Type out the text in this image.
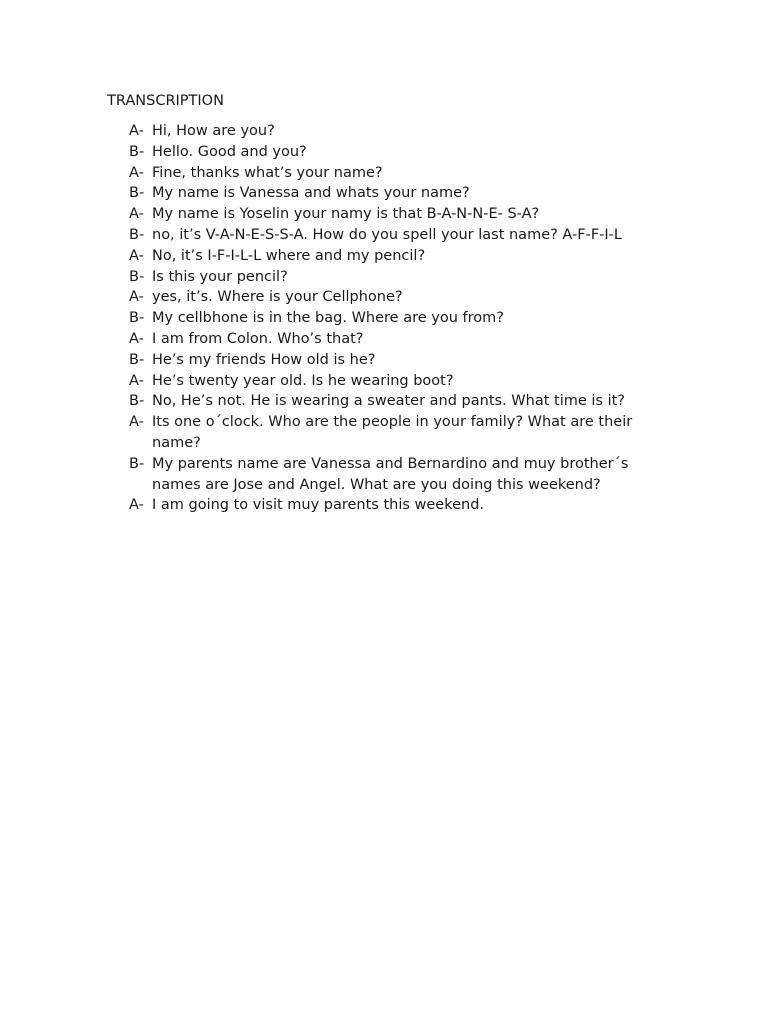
TRANSCRIPTION
A- Hi, How are you?
B- Hello. Good and you?
A- Fine, thanks what’s your name?
B- My name is Vanessa and whats your name?
A- My name is Yoselin your namy is that B-A-N-N-E- S-A?
B- no, it’s V-A-N-E-S-S-A. How do you spell your last name? A-F-F-I-L
A- No, it’s I-F-I-L-L where and my pencil?
B- Is this your pencil?
A- yes, it’s. Where is your Cellphone?
B- My cellbhone is in the bag. Where are you from?
A- I am from Colon. Who’s that?
B- He’s my friends How old is he?
A- He’s twenty year old. Is he wearing boot?
B- No, He’s not. He is wearing a sweater and pants. What time is it?
A- Its one o´clock. Who are the people in your family? What are their name?
B- My parents name are Vanessa and Bernardino and muy brother´s names are Jose and Angel. What are you doing this weekend?
A- I am going to visit muy parents this weekend.
